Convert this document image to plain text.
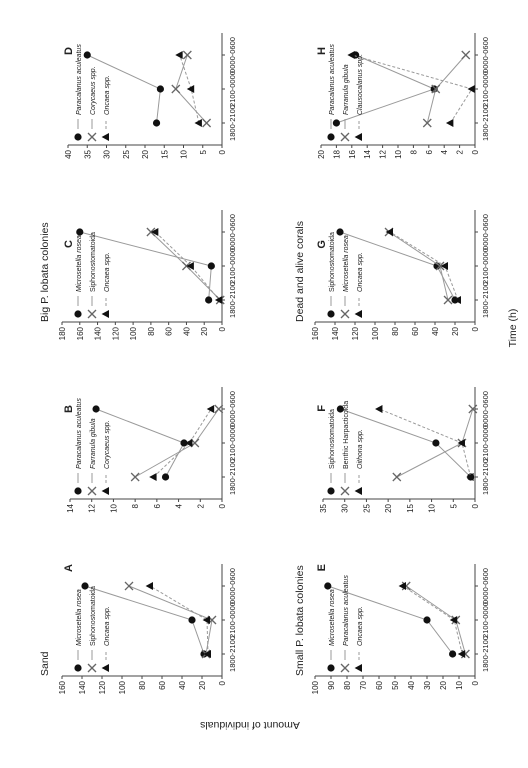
0
20
40
60
80
100
120
140
160
1800-2100
2100-0000
0000-0600
Microsetella rosea Siphonostomatoida Oncaea spp.
A
0
2
4
6
8
10
12
14
1800-2100
2100-0000
0000-0600
Paracalanus aculeatus Farranula gibula Corycaeus spp.
B
0
20
40
60
80
100
120
140
160
180
1800-2100
2100-0000
0000-0600
Microsetella rosea Siphonostomatoida Oncaea spp.
C
0
5
10
15
20
25
30
35
40
1800-2100
2100-0000
0000-0600
Paracalanus aculeatus Corycaeus spp. Oncaea spp.
D
0
10
20
30
40
50
60
70
80
90
100
1800-2100
2100-0000
0000-0600
Microsetella rosea Paracalanus aculeatus Oncaea spp.
E
0
5
10
15
20
25
30
35
1800-2100
2100-0000
0000-0600
Siphonostomatoida Benthic Harpacticoida Oithona spp.
F
0
20
40
60
80
100
120
140
160
1800-2100
2100-0000
0000-0600
Siphonostomatoida Microsetella rosea Oncaea spp.
G
0
2
4
6
8
10
12
14
16
18
20
1800-2100
2100-0000
0000-0600
Paracalanus aculeatus Farranula gibula Clausocalanus spp.
H
Sand
Big P. lobata colonies
Small P. lobata colonies
Dead and alive corals
Amount of individuals
Time (h)
